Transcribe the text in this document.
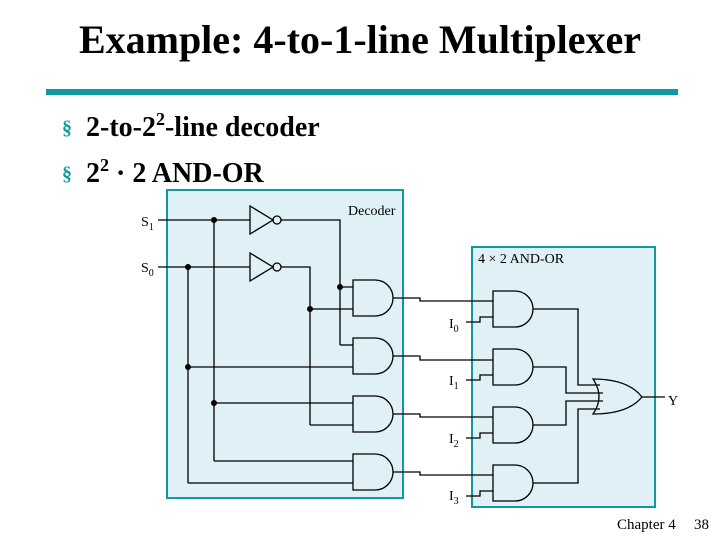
Example: 4-to-1-line Multiplexer
§ $2-to-2^2$-line decoder
§ $2^2 \cdot 2$ AND-OR
Decoder
4 × 2 AND-OR
$S_1$
$S_0$
$I_0$
$I_1$
$I_2$
$I_3$
Y
Chapter 4 38
